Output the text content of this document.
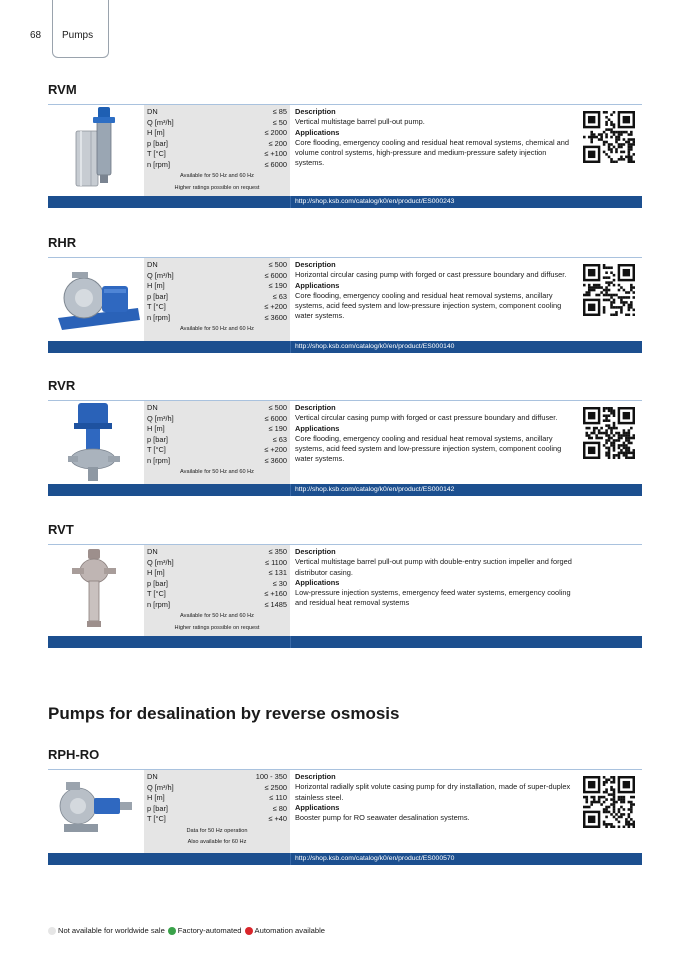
68 Pumps
RVM
DN	≤ 85
Q [m³/h]	≤ 50
H [m]	≤ 2000
p [bar]	≤ 200
T [°C]	≤ +100
n [rpm]	≤ 6000
Available for 50 Hz and 60 Hz
Higher ratings possible on request
Description
Vertical multistage barrel pull-out pump.
Applications
Core flooding, emergency cooling and residual heat removal systems, chemical and volume control systems, high-pressure and medium-pressure safety injection systems.
http://shop.ksb.com/catalog/k0/en/product/ES000243
RHR
DN	≤ 500
Q [m³/h]	≤ 6000
H [m]	≤ 190
p [bar]	≤ 63
T [°C]	≤ +200
n [rpm]	≤ 3600
Available for 50 Hz and 60 Hz
Description
Horizontal circular casing pump with forged or cast pressure boundary and diffuser.
Applications
Core flooding, emergency cooling and residual heat removal systems, ancillary systems, acid feed system and low-pressure injection system, component cooling water systems.
http://shop.ksb.com/catalog/k0/en/product/ES000140
RVR
DN	≤ 500
Q [m³/h]	≤ 6000
H [m]	≤ 190
p [bar]	≤ 63
T [°C]	≤ +200
n [rpm]	≤ 3600
Available for 50 Hz and 60 Hz
Description
Vertical circular casing pump with forged or cast pressure boundary and diffuser.
Applications
Core flooding, emergency cooling and residual heat removal systems, ancillary systems, acid feed system and low-pressure injection system, component cooling water systems.
http://shop.ksb.com/catalog/k0/en/product/ES000142
RVT
DN	≤ 350
Q [m³/h]	≤ 1100
H [m]	≤ 131
p [bar]	≤ 30
T [°C]	≤ +160
n [rpm]	≤ 1485
Available for 50 Hz and 60 Hz
Higher ratings possible on request
Description
Vertical multistage barrel pull-out pump with double-entry suction impeller and forged distributor casing.
Applications
Low-pressure injection systems, emergency feed water systems, emergency cooling and residual heat removal systems
Pumps for desalination by reverse osmosis
RPH-RO
DN	100 - 350
Q [m³/h]	≤ 2500
H [m]	≤ 110
p [bar]	≤ 80
T [°C]	≤ +40
Data for 50 Hz operation
Also available for 60 Hz
Description
Horizontal radially split volute casing pump for dry installation, made of super-duplex stainless steel.
Applications
Booster pump for RO seawater desalination systems.
http://shop.ksb.com/catalog/k0/en/product/ES000570
Not available for worldwide sale Factory-automated Automation available
